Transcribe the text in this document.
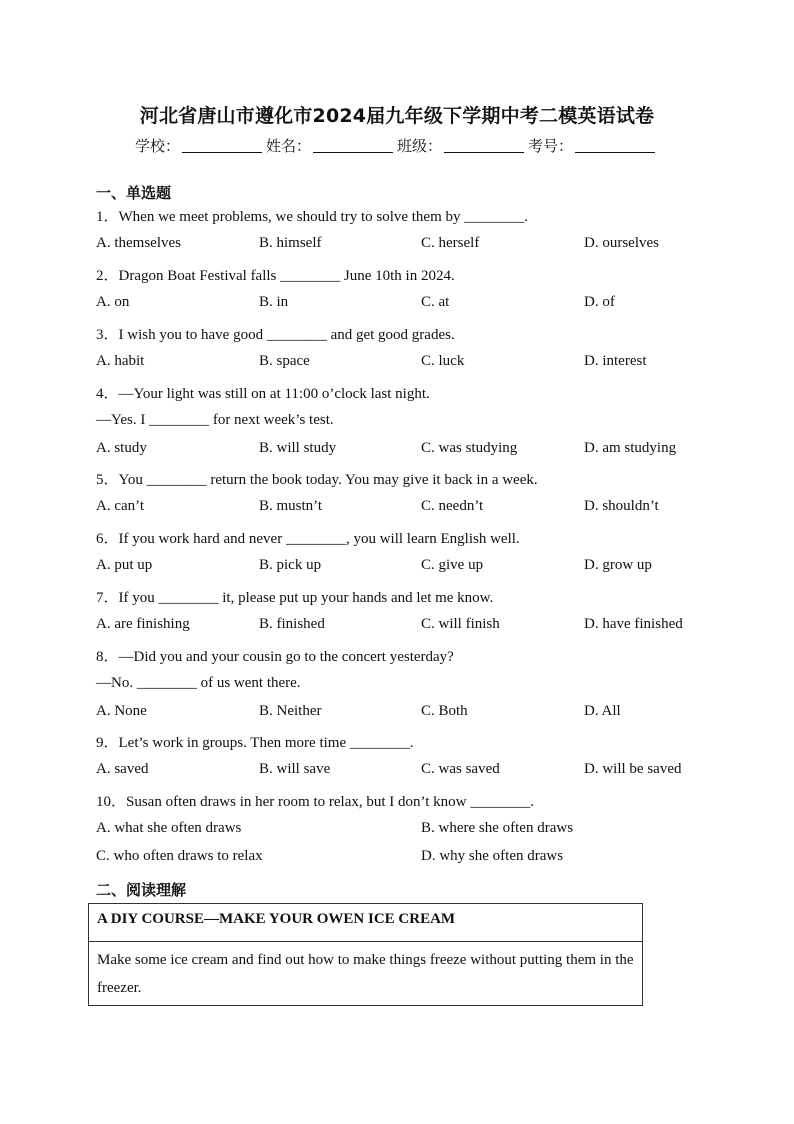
河北省唐山市遵化市2024届九年级下学期中考二模英语试卷
学校：	姓名：	班级：	考号：
一、单选题
1．When we meet problems, we should try to solve them by ________.
A. themselves	B. himself	C. herself	D. ourselves
2．Dragon Boat Festival falls ________ June 10th in 2024.
A. on	B. in	C. at	D. of
3．I wish you to have good ________ and get good grades.
A. habit	B. space	C. luck	D. interest
4．—Your light was still on at 11:00 o’clock last night.
—Yes. I ________ for next week’s test.
A. study	B. will study	C. was studying	D. am studying
5．You ________ return the book today. You may give it back in a week.
A. can’t	B. mustn’t	C. needn’t	D. shouldn’t
6．If you work hard and never ________, you will learn English well.
A. put up	B. pick up	C. give up	D. grow up
7．If you ________ it, please put up your hands and let me know.
A. are finishing	B. finished	C. will finish	D. have finished
8．—Did you and your cousin go to the concert yesterday?
—No. ________ of us went there.
A. None	B. Neither	C. Both	D. All
9．Let’s work in groups. Then more time ________.
A. saved	B. will save	C. was saved	D. will be saved
10．Susan often draws in her room to relax, but I don’t know ________.
A. what she often draws	B. where she often draws
C. who often draws to relax	D. why she often draws
二、阅读理解
A DIY COURSE—MAKE YOUR OWEN ICE CREAM
Make some ice cream and find out how to make things freeze without putting them in the freezer.
